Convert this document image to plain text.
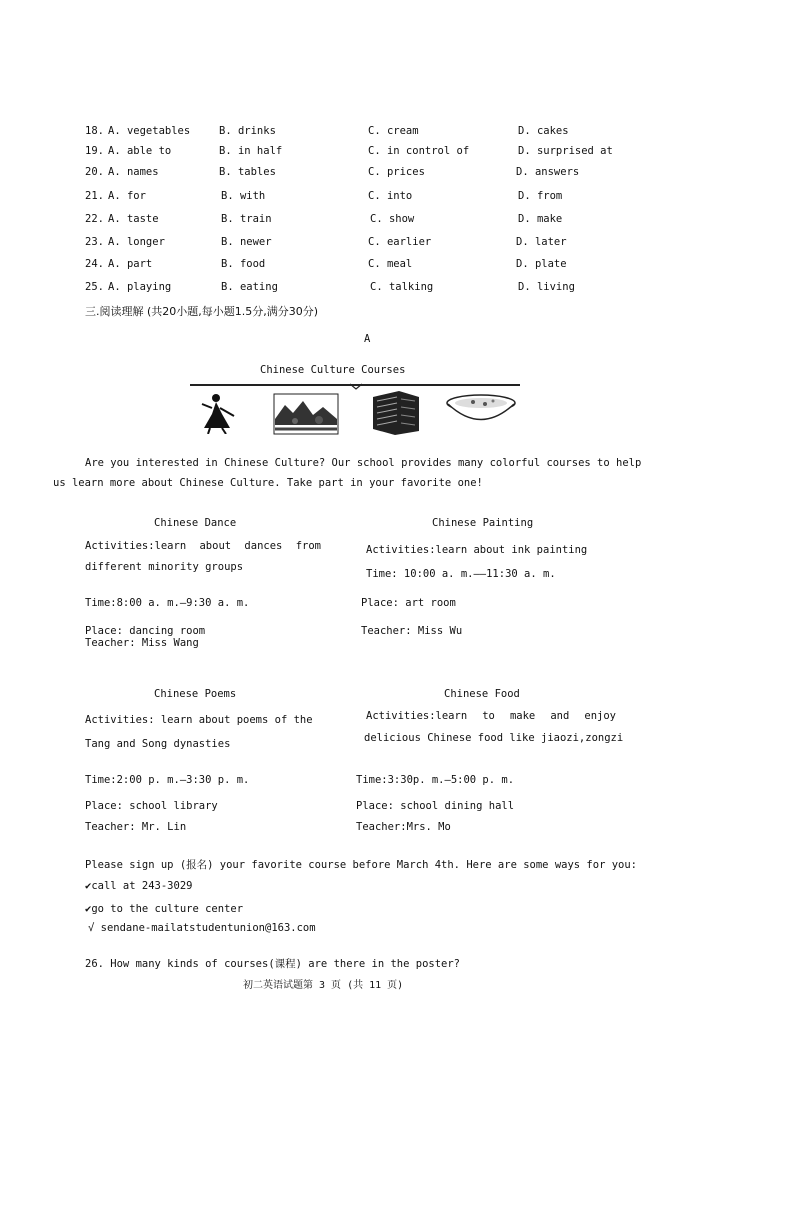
18. A. vegetables	B. drinks	C. cream	D. cakes
19. A. able to	B. in half	C. in control of	D. surprised at
20. A. names	B. tables	C. prices	D. answers
21. A. for	B. with	C. into	D. from
22. A. taste	B. train	C. show	D. make
23. A. longer	B. newer	C. earlier	D. later
24. A. part	B. food	C. meal	D. plate
25. A. playing	B. eating	C. talking	D. living
三.阅读理解 (共20小题,每小题1.5分,满分30分)
A
Chinese Culture Courses
Are you interested in Chinese Culture? Our school provides many colorful courses to help
us learn more about Chinese Culture. Take part in your favorite one!
Chinese Dance
Activities:learn about dances from
different minority groups
Time:8:00 a. m.—9:30 a. m.
Place: dancing room
Teacher: Miss Wang
Chinese Painting
Activities:learn about ink painting
Time: 10:00 a. m.——11:30 a. m.
Place: art room
Teacher: Miss Wu
Chinese Poems
Activities: learn about poems of the
Tang and Song dynasties
Time:2:00 p. m.—3:30 p. m.
Place: school library
Teacher: Mr. Lin
Chinese Food
Activities:learn to make and enjoy
delicious Chinese food like jiaozi,zongzi
Time:3:30p. m.—5:00 p. m.
Place: school dining hall
Teacher:Mrs. Mo
Please sign up (报名) your favorite course before March 4th. Here are some ways for you:
✔call at 243-3029
✔go to the culture center
√ sendane-mailatstudentunion@163.com
26. How many kinds of courses(课程) are there in the poster?
初二英语试题第 3 页 (共 11 页)
